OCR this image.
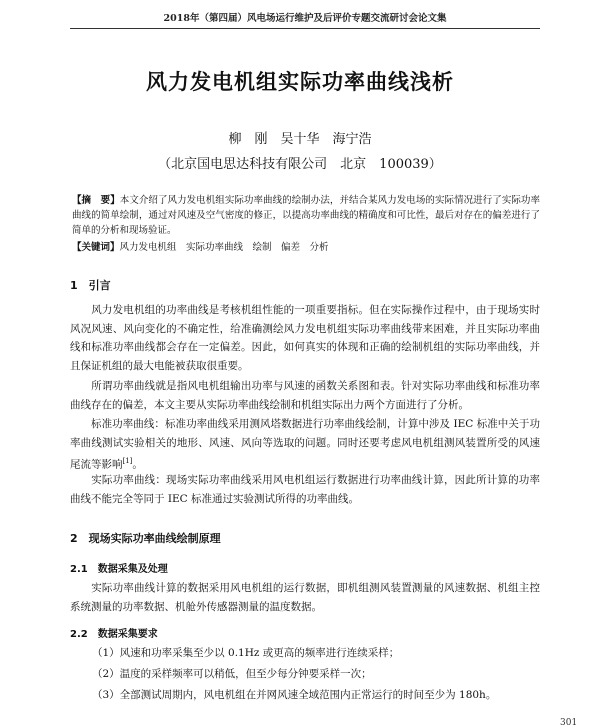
2018年（第四届）风电场运行维护及后评价专题交流研讨会论文集
风力发电机组实际功率曲线浅析
柳　刚　吴十华　海宁浩
（北京国电思达科技有限公司　北京　100039）
【摘　要】本文介绍了风力发电机组实际功率曲线的绘制办法，并结合某风力发电场的实际情况进行了实际功率曲线的简单绘制，通过对风速及空气密度的修正，以提高功率曲线的精确度和可比性，最后对存在的偏差进行了简单的分析和现场验证。
【关键词】风力发电机组　实际功率曲线　绘制　偏差　分析
1　引言
风力发电机组的功率曲线是考核机组性能的一项重要指标。但在实际操作过程中，由于现场实时风况风速、风向变化的不确定性，给准确测绘风力发电机组实际功率曲线带来困难，并且实际功率曲线和标准功率曲线都会存在一定偏差。因此，如何真实的体现和正确的绘制机组的实际功率曲线，并且保证机组的最大电能被获取很重要。
所谓功率曲线就是指风电机组输出功率与风速的函数关系图和表。针对实际功率曲线和标准功率曲线存在的偏差，本文主要从实际功率曲线绘制和机组实际出力两个方面进行了分析。
标准功率曲线：标准功率曲线采用测风塔数据进行功率曲线绘制，计算中涉及 IEC 标准中关于功率曲线测试实验相关的地形、风速、风向等选取的问题。同时还要考虑风电机组测风装置所受的风速尾流等影响[1]。
实际功率曲线：现场实际功率曲线采用风电机组运行数据进行功率曲线计算，因此所计算的功率曲线不能完全等同于 IEC 标准通过实验测试所得的功率曲线。
2　现场实际功率曲线绘制原理
2.1　数据采集及处理
实际功率曲线计算的数据采用风电机组的运行数据，即机组测风装置测量的风速数据、机组主控系统测量的功率数据、机舱外传感器测量的温度数据。
2.2　数据采集要求
（1）风速和功率采集至少以 0.1Hz 或更高的频率进行连续采样；
（2）温度的采样频率可以稍低，但至少每分钟要采样一次；
（3）全部测试周期内，风电机组在并网风速全域范围内正常运行的时间至少为 180h。
301
